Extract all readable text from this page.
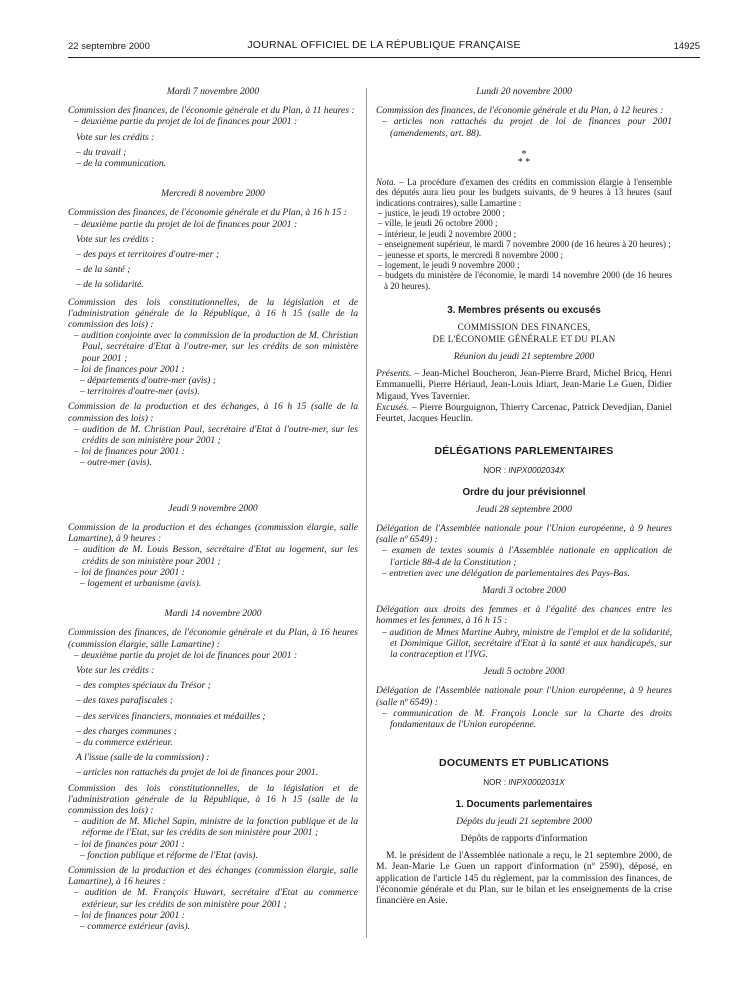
22 septembre 2000	JOURNAL OFFICIEL DE LA RÉPUBLIQUE FRANÇAISE	14925
Mardi 7 novembre 2000
Commission des finances, de l'économie générale et du Plan, à 11 heures :
– deuxième partie du projet de loi de finances pour 2001 :
Vote sur les crédits :
– du travail ;
– de la communication.
Mercredi 8 novembre 2000
Commission des finances, de l'économie générale et du Plan, à 16 h 15 :
– deuxième partie du projet de loi de finances pour 2001 :
Vote sur les crédits :
– des pays et territoires d'outre-mer ;
– de la santé ;
– de la solidarité.
Commission des lois constitutionnelles, de la législation et de l'administration générale de la République, à 16 h 15 (salle de la commission des lois) :
– audition conjointe avec la commission de la production de M. Christian Paul, secrétaire d'Etat à l'outre-mer, sur les crédits de son ministère pour 2001 ;
– loi de finances pour 2001 :
– départements d'outre-mer (avis) ;
– territoires d'outre-mer (avis).
Commission de la production et des échanges, à 16 h 15 (salle de la commission des lois) :
– audition de M. Christian Paul, secrétaire d'Etat à l'outre-mer, sur les crédits de son ministère pour 2001 ;
– loi de finances pour 2001 :
– outre-mer (avis).
Jeudi 9 novembre 2000
Commission de la production et des échanges (commission élargie, salle Lamartine), à 9 heures :
– audition de M. Louis Besson, secrétaire d'Etat au logement, sur les crédits de son ministère pour 2001 ;
– loi de finances pour 2001 :
– logement et urbanisme (avis).
Mardi 14 novembre 2000
Commission des finances, de l'économie générale et du Plan, à 16 heures (commission élargie, salle Lamartine) :
– deuxième partie du projet de loi de finances pour 2001 :
Vote sur les crédits :
– des comptes spéciaux du Trésor ;
– des taxes parafiscales ;
– des services financiers, monnaies et médailles ;
– des charges communes ;
– du commerce extérieur.
A l'issue (salle de la commission) :
– articles non rattachés du projet de loi de finances pour 2001.
Commission des lois constitutionnelles, de la législation et de l'administration générale de la République, à 16 h 15 (salle de la commission des lois) :
– audition de M. Michel Sapin, ministre de la fonction publique et de la réforme de l'Etat, sur les crédits de son ministère pour 2001 ;
– loi de finances pour 2001 :
– fonction publique et réforme de l'Etat (avis).
Commission de la production et des échanges (commission élargie, salle Lamartine), à 16 heures :
– audition de M. François Huwart, secrétaire d'Etat au commerce extérieur, sur les crédits de son ministère pour 2001 ;
– loi de finances pour 2001 :
– commerce extérieur (avis).
Lundi 20 novembre 2000
Commission des finances, de l'économie générale et du Plan, à 12 heures :
– articles non rattachés du projet de loi de finances pour 2001 (amendements, art. 88).
*
* *
Nota. – La procédure d'examen des crédits en commission élargie à l'ensemble des députés aura lieu pour les budgets suivants, de 9 heures à 13 heures (sauf indications contraires), salle Lamartine :
– justice, le jeudi 19 octobre 2000 ;
– ville, le jeudi 26 octobre 2000 ;
– intérieur, le jeudi 2 novembre 2000 ;
– enseignement supérieur, le mardi 7 novembre 2000 (de 16 heures à 20 heures) ;
– jeunesse et sports, le mercredi 8 novembre 2000 ;
– logement, le jeudi 9 novembre 2000 ;
– budgets du ministère de l'économie, le mardi 14 novembre 2000 (de 16 heures à 20 heures).
3. Membres présents ou excusés
COMMISSION DES FINANCES,
DE L'ÉCONOMIE GÉNÉRALE ET DU PLAN
Réunion du jeudi 21 septembre 2000
Présents. – Jean-Michel Boucheron, Jean-Pierre Brard, Michel Bricq, Henri Emmanuelli, Pierre Hériaud, Jean-Louis Idiart, Jean-Marie Le Guen, Didier Migaud, Yves Tavernier.
Excusés. – Pierre Bourguignon, Thierry Carcenac, Patrick Devedjian, Daniel Feurtet, Jacques Heuclin.
DÉLÉGATIONS PARLEMENTAIRES
NOR : INPX0002034X
Ordre du jour prévisionnel
Jeudi 28 septembre 2000
Délégation de l'Assemblée nationale pour l'Union européenne, à 9 heures (salle nº 6549) :
– examen de textes soumis à l'Assemblée nationale en application de l'article 88-4 de la Constitution ;
– entretien avec une délégation de parlementaires des Pays-Bas.
Mardi 3 octobre 2000
Délégation aux droits des femmes et à l'égalité des chances entre les hommes et les femmes, à 16 h 15 :
– audition de Mmes Martine Aubry, ministre de l'emploi et de la solidarité, et Dominique Gillot, secrétaire d'Etat à la santé et aux handicapés, sur la contraception et l'IVG.
Jeudi 5 octobre 2000
Délégation de l'Assemblée nationale pour l'Union européenne, à 9 heures (salle nº 6549) :
– communication de M. François Loncle sur la Charte des droits fondamentaux de l'Union européenne.
DOCUMENTS ET PUBLICATIONS
NOR : INPX0002031X
1. Documents parlementaires
Dépôts du jeudi 21 septembre 2000
Dépôts de rapports d'information
M. le président de l'Assemblée nationale a reçu, le 21 septembre 2000, de M. Jean-Marie Le Guen un rapport d'information (nº 2590), déposé, en application de l'article 145 du règlement, par la commission des finances, de l'économie générale et du Plan, sur le bilan et les enseignements de la crise financière en Asie.
